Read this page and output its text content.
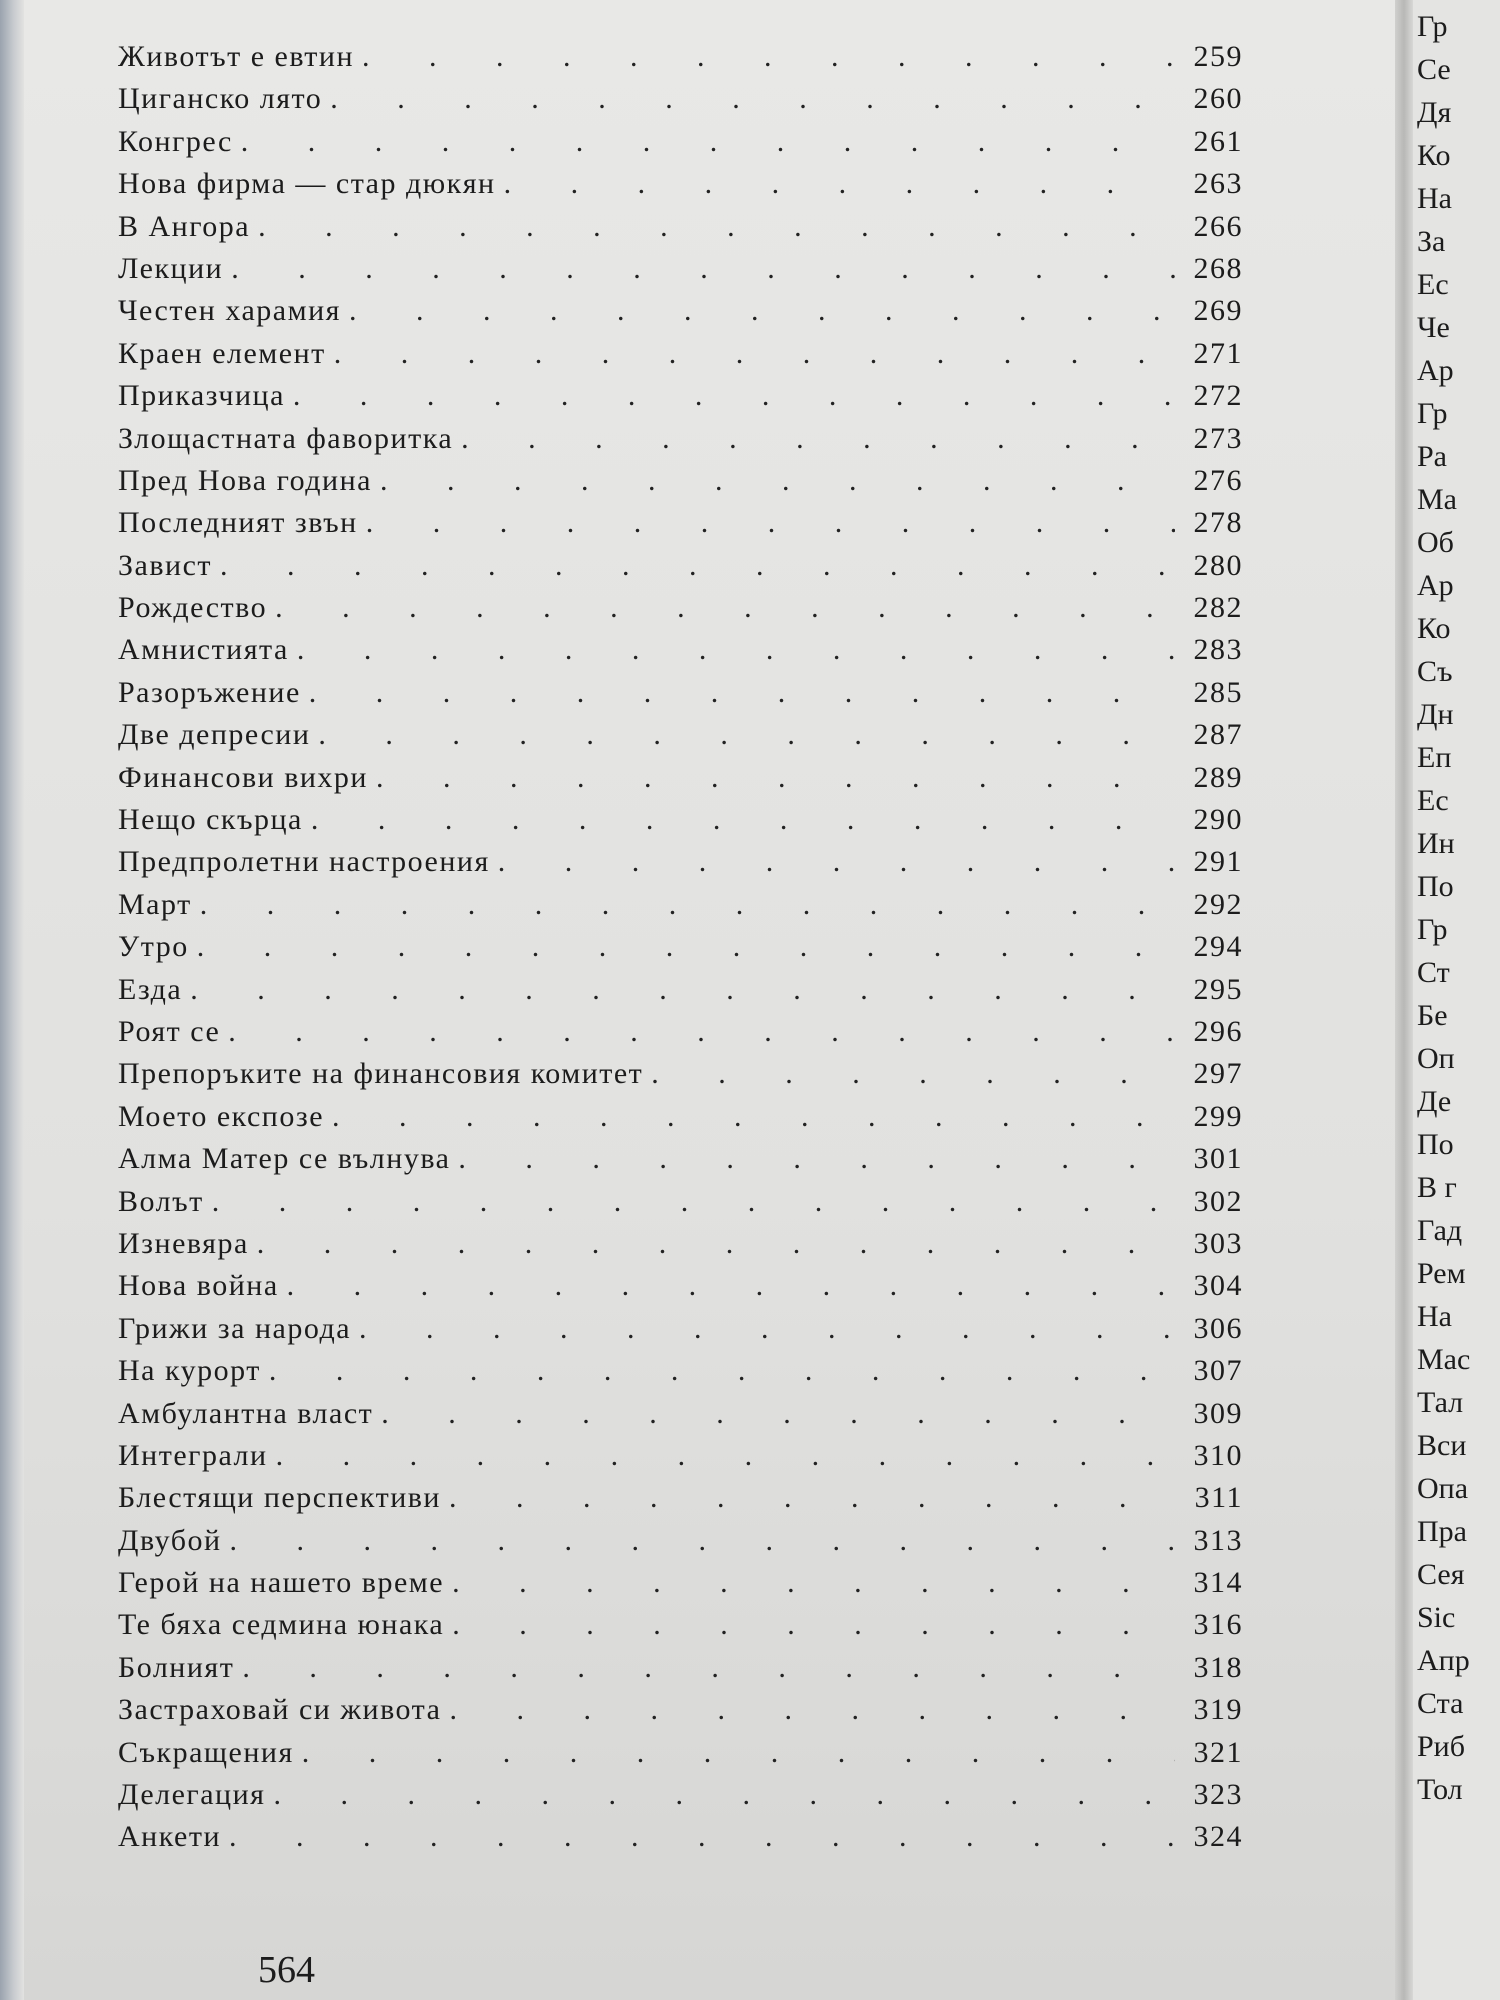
Животът е евтин . . .	259
Циганско лято . . .	260
Конгрес . . .	261
Нова фирма — стар дюкян . . .	263
В Ангора . . .	266
Лекции . . .	268
Честен харамия . . .	269
Краен елемент . . .	271
Приказчица . . .	272
Злощастната фаворитка . . .	273
Пред Нова година . . .	276
Последният звън . . .	278
Завист . . .	280
Рождество . . .	282
Амнистията . . .	283
Разоръжение . . .	285
Две депресии . . .	287
Финансови вихри . . .	289
Нещо скърца . . .	290
Предпролетни настроения . . .	291
Март . . .	292
Утро . . .	294
Езда . . .	295
Роят се . . .	296
Препоръките на финансовия комитет . . .	297
Моето експозе . . .	299
Алма Матер се вълнува . . .	301
Волът . . .	302
Изневяра . . .	303
Нова война . . .	304
Грижи за народа . . .	306
На курорт . . .	307
Амбулантна власт . . .	309
Интеграли . . .	310
Блестящи перспективи . . .	311
Двубой . . .	313
Герой на нашето време . . .	314
Те бяха седмина юнака . . .	316
Болният . . .	318
Застраховай си живота . . .	319
Съкращения . . .	321
Делегация . . .	323
Анкети . . .	324
564
Гр
Се
Дя
Ко
На
За
Ес
Че
Ар
Гр
Ра
Ма
Об
Ар
Ко
Съ
Дн
Еп
Ес
Ин
По
Гр
Ст
Бе
Оп
Де
По
В г
Гад
Рем
На
Мас
Тал
Вси
Опа
Пра
Сея
Sic
Апр
Ста
Риб
Тол
